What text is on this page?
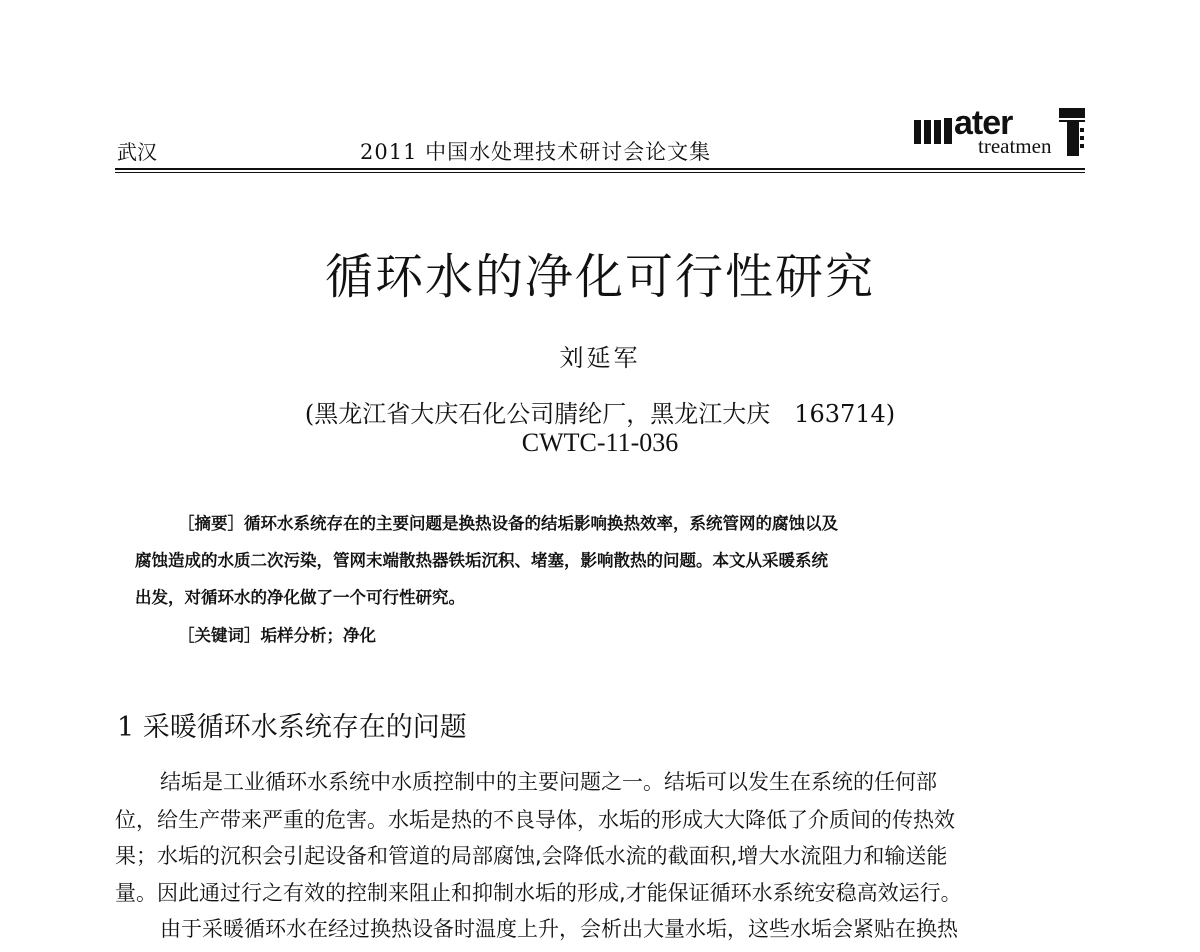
武汉	2011 中国水处理技术研讨会论文集
ater
treatmen
循环水的净化可行性研究
刘延军
(黑龙江省大庆石化公司腈纶厂，黑龙江大庆　163714)
CWTC-11-036
［摘要］循环水系统存在的主要问题是换热设备的结垢影响换热效率，系统管网的腐蚀以及
腐蚀造成的水质二次污染，管网末端散热器铁垢沉积、堵塞，影响散热的问题。本文从采暖系统
出发，对循环水的净化做了一个可行性研究。
［关键词］垢样分析；净化
1 采暖循环水系统存在的问题
结垢是工业循环水系统中水质控制中的主要问题之一。结垢可以发生在系统的任何部
位，给生产带来严重的危害。水垢是热的不良导体，水垢的形成大大降低了介质间的传热效
果；水垢的沉积会引起设备和管道的局部腐蚀,会降低水流的截面积,增大水流阻力和输送能
量。因此通过行之有效的控制来阻止和抑制水垢的形成,才能保证循环水系统安稳高效运行。
由于采暖循环水在经过换热设备时温度上升，会析出大量水垢，这些水垢会紧贴在换热
